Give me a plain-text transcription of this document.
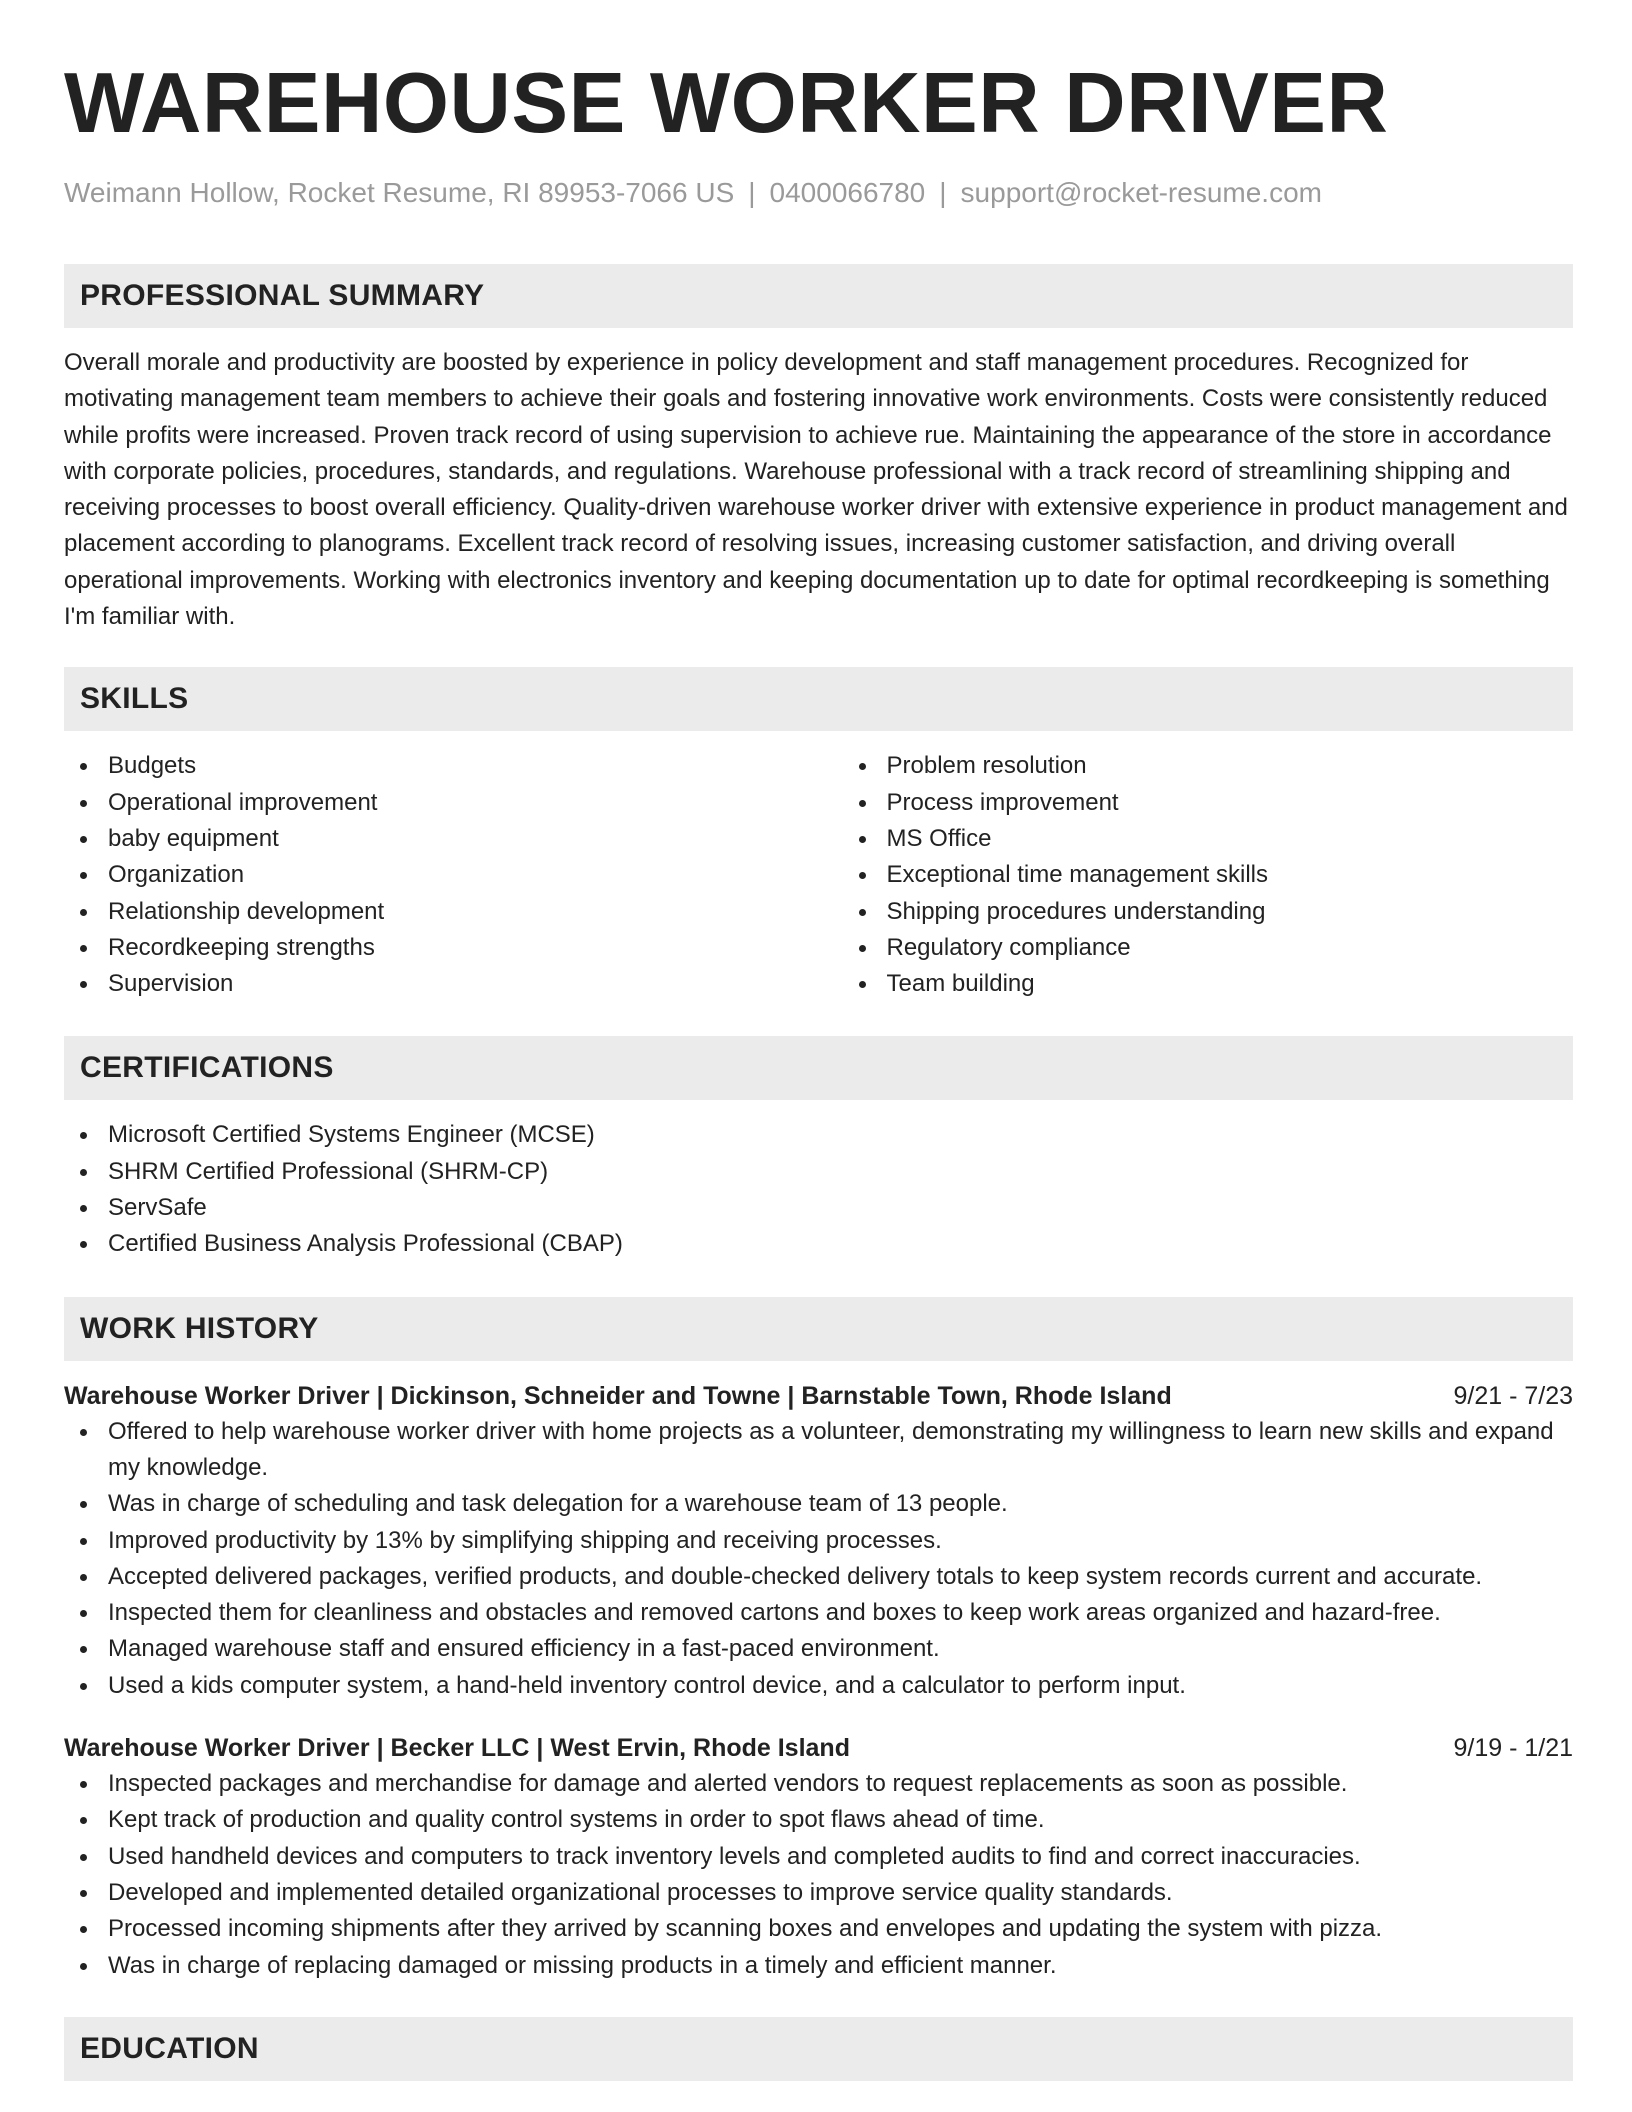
WAREHOUSE WORKER DRIVER
Weimann Hollow, Rocket Resume, RI 89953-7066 US | 0400066780 | support@rocket-resume.com
PROFESSIONAL SUMMARY

Overall morale and productivity are boosted by experience in policy development and staff management procedures. Recognized for motivating management team members to achieve their goals and fostering innovative work environments. Costs were consistently reduced while profits were increased. Proven track record of using supervision to achieve rue. Maintaining the appearance of the store in accordance with corporate policies, procedures, standards, and regulations. Warehouse professional with a track record of streamlining shipping and receiving processes to boost overall efficiency. Quality-driven warehouse worker driver with extensive experience in product management and placement according to planograms. Excellent track record of resolving issues, increasing customer satisfaction, and driving overall operational improvements. Working with electronics inventory and keeping documentation up to date for optimal recordkeeping is something I'm familiar with.

SKILLS
Budgets
Operational improvement
baby equipment
Organization
Relationship development
Recordkeeping strengths
Supervision
Problem resolution
Process improvement
MS Office
Exceptional time management skills
Shipping procedures understanding
Regulatory compliance
Team building
CERTIFICATIONS
Microsoft Certified Systems Engineer (MCSE)
SHRM Certified Professional (SHRM-CP)
ServSafe
Certified Business Analysis Professional (CBAP)
WORK HISTORY
Warehouse Worker Driver | Dickinson, Schneider and Towne | Barnstable Town, Rhode Island	9/21 - 7/23
Offered to help warehouse worker driver with home projects as a volunteer, demonstrating my willingness to learn new skills and expand my knowledge.
Was in charge of scheduling and task delegation for a warehouse team of 13 people.
Improved productivity by 13% by simplifying shipping and receiving processes.
Accepted delivered packages, verified products, and double-checked delivery totals to keep system records current and accurate.
Inspected them for cleanliness and obstacles and removed cartons and boxes to keep work areas organized and hazard-free.
Managed warehouse staff and ensured efficiency in a fast-paced environment.
Used a kids computer system, a hand-held inventory control device, and a calculator to perform input.
Warehouse Worker Driver | Becker LLC | West Ervin, Rhode Island	9/19 - 1/21
Inspected packages and merchandise for damage and alerted vendors to request replacements as soon as possible.
Kept track of production and quality control systems in order to spot flaws ahead of time.
Used handheld devices and computers to track inventory levels and completed audits to find and correct inaccuracies.
Developed and implemented detailed organizational processes to improve service quality standards.
Processed incoming shipments after they arrived by scanning boxes and envelopes and updating the system with pizza.
Was in charge of replacing damaged or missing products in a timely and efficient manner.
EDUCATION
